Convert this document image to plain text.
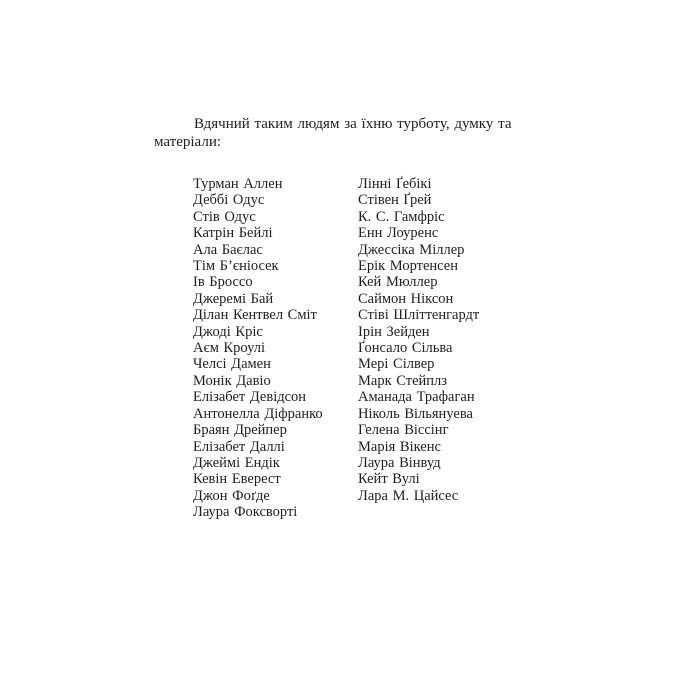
Вдячний таким людям за їхню турботу, думку та матеріали:

Турман Аллен
Деббі Одус
Стів Одус
Катрін Бейлі
Ала Баєлас
Тім Б’єніосек
Ів Броссо
Джеремі Бай
Ділан Кентвел Сміт
Джоді Кріс
Аєм Кроулі
Челсі Дамен
Монік Давіо
Елізабет Девідсон
Антонелла Діфранко
Браян Дрейпер
Елізабет Даллі
Джеймі Ендік
Кевін Еверест
Джон Фоґде
Лаура Фоксворті
Лінні Ґебікі
Стівен Ґрей
К. С. Гамфріс
Енн Лоуренс
Джессіка Міллер
Ерік Мортенсен
Кей Мюллер
Саймон Ніксон
Стіві Шліттенгардт
Ірін Зейден
Ґонсало Сільва
Мері Сілвер
Марк Стейплз
Аманада Трафаган
Ніколь Вільянуева
Гелена Віссінг
Марія Вікенс
Лаура Вінвуд
Кейт Вулі
Лара М. Цайсес
